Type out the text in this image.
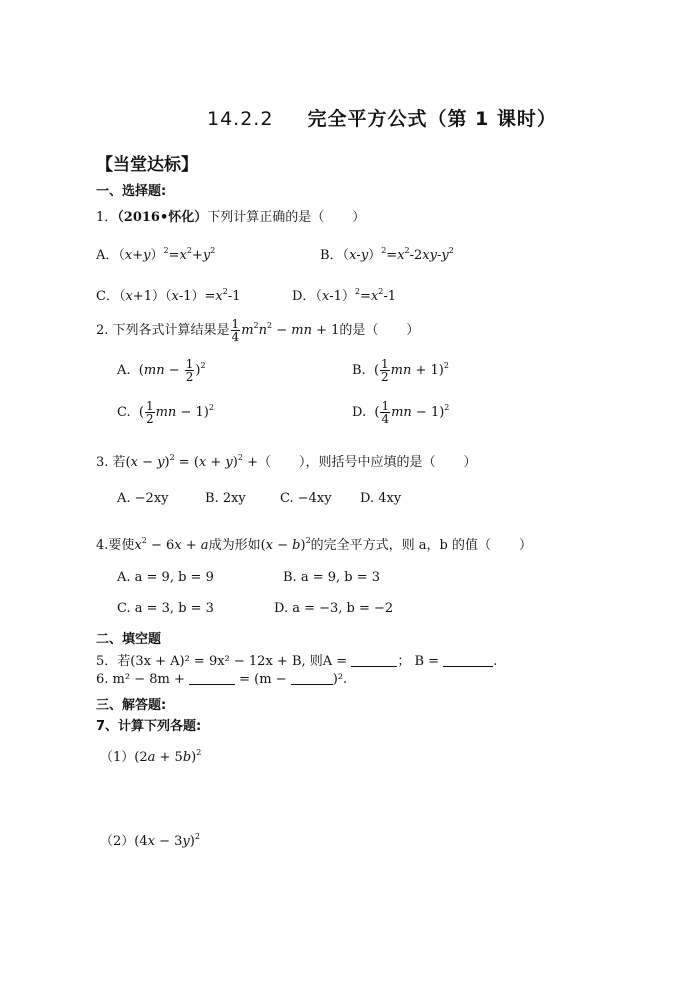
14.2.2 完全平方公式（第 1 课时）
【当堂达标】
一、选择题:
1．（2016•怀化）下列计算正确的是（ ）
A．$(x+y)^2=x^2+y^2$	B．$(x-y)^2=x^2-2xy-y^2$
C．$(x+1)(x-1)=x^2-1$	D．$(x-1)^2=x^2-1$
2. 下列各式计算结果是 $\frac{1}{4} m^2n^2$ − mn + 1的是（ ）
A.  $(mn - \frac{1}{2} )^2$	B.  ( $\frac{1}{2}$ mn + 1)$^2$
C.  ( $\frac{1}{2}$ mn − 1)$^2$	D.  ( $\frac{1}{4}$ mn − 1)$^2$
3. 若$(x - y)^2 = (x + y)^2$ +（ ），则括号中应填的是（ ）
A. −2xy	B. 2xy	C. −4xy D. 4xy
4.要使$x^2 - 6x + a$成为形如$(x - b)^2$的完全平方式，则 a，b 的值（ ）
A. a = 9, b = 9	B. a = 9, b = 3
C. a = 3, b = 3	D. a = −3, b = −2
二、填空题
5．若(3x + A)² = 9x² − 12x + B, 则A =	； B =	.
6. m² − 8m +	= (m −	)².
三、解答题:
7、计算下列各题:
$(1)(2a + 5b)^2$
$(2)(4x - 3y)^2$
